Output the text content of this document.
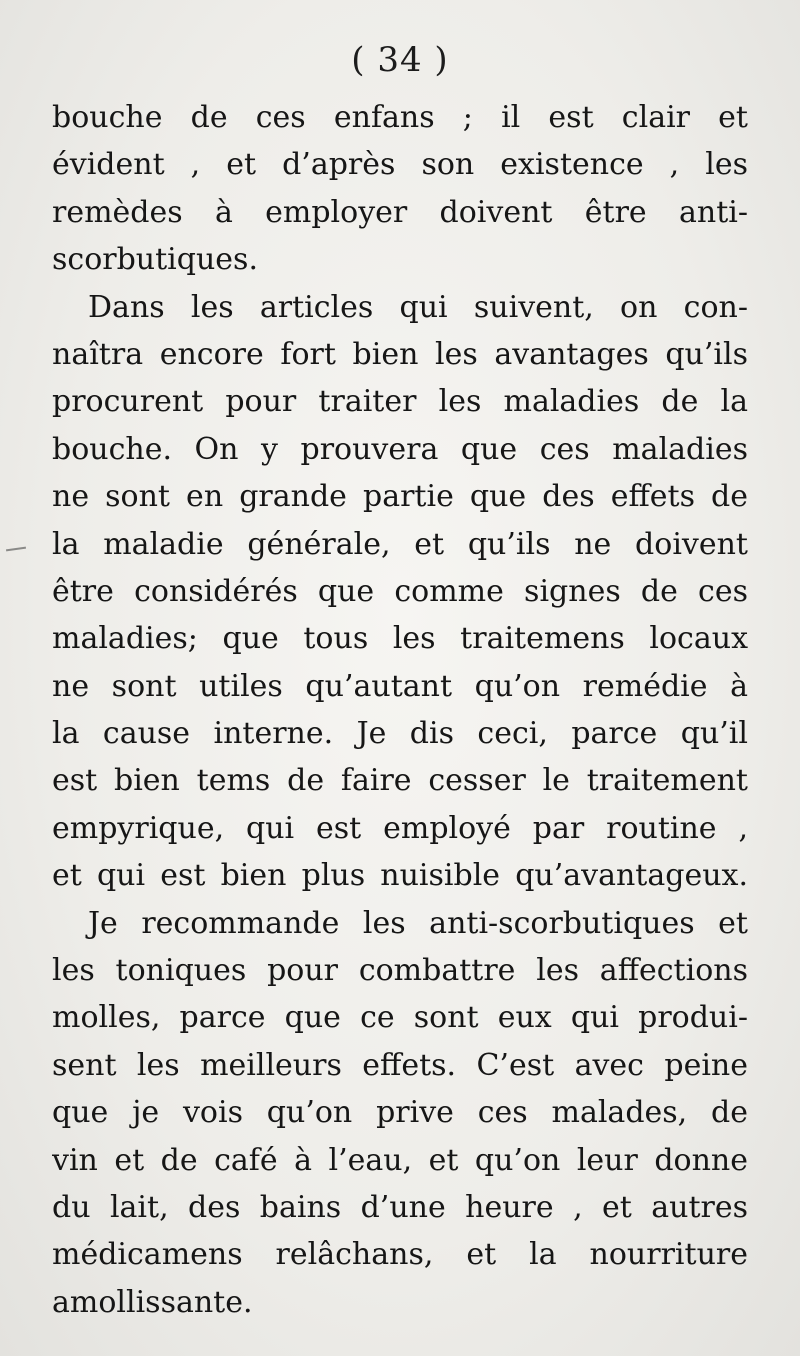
( 34 )
bouche de ces enfans ; il est clair et
évident , et d’après son existence , les
remèdes à employer doivent être anti-
scorbutiques.
Dans les articles qui suivent, on con-
naîtra encore fort bien les avantages qu’ils
procurent pour traiter les maladies de la
bouche. On y prouvera que ces maladies
ne sont en grande partie que des effets de
la maladie générale, et qu’ils ne doivent
être considérés que comme signes de ces
maladies; que tous les traitemens locaux
ne sont utiles qu’autant qu’on remédie à
la cause interne. Je dis ceci, parce qu’il
est bien tems de faire cesser le traitement
empyrique, qui est employé par routine ,
et qui est bien plus nuisible qu’avantageux.
Je recommande les anti-scorbutiques et
les toniques pour combattre les affections
molles, parce que ce sont eux qui produi-
sent les meilleurs effets. C’est avec peine
que je vois qu’on prive ces malades, de
vin et de café à l’eau, et qu’on leur donne
du lait, des bains d’une heure , et autres
médicamens relâchans, et la nourriture
amollissante.
